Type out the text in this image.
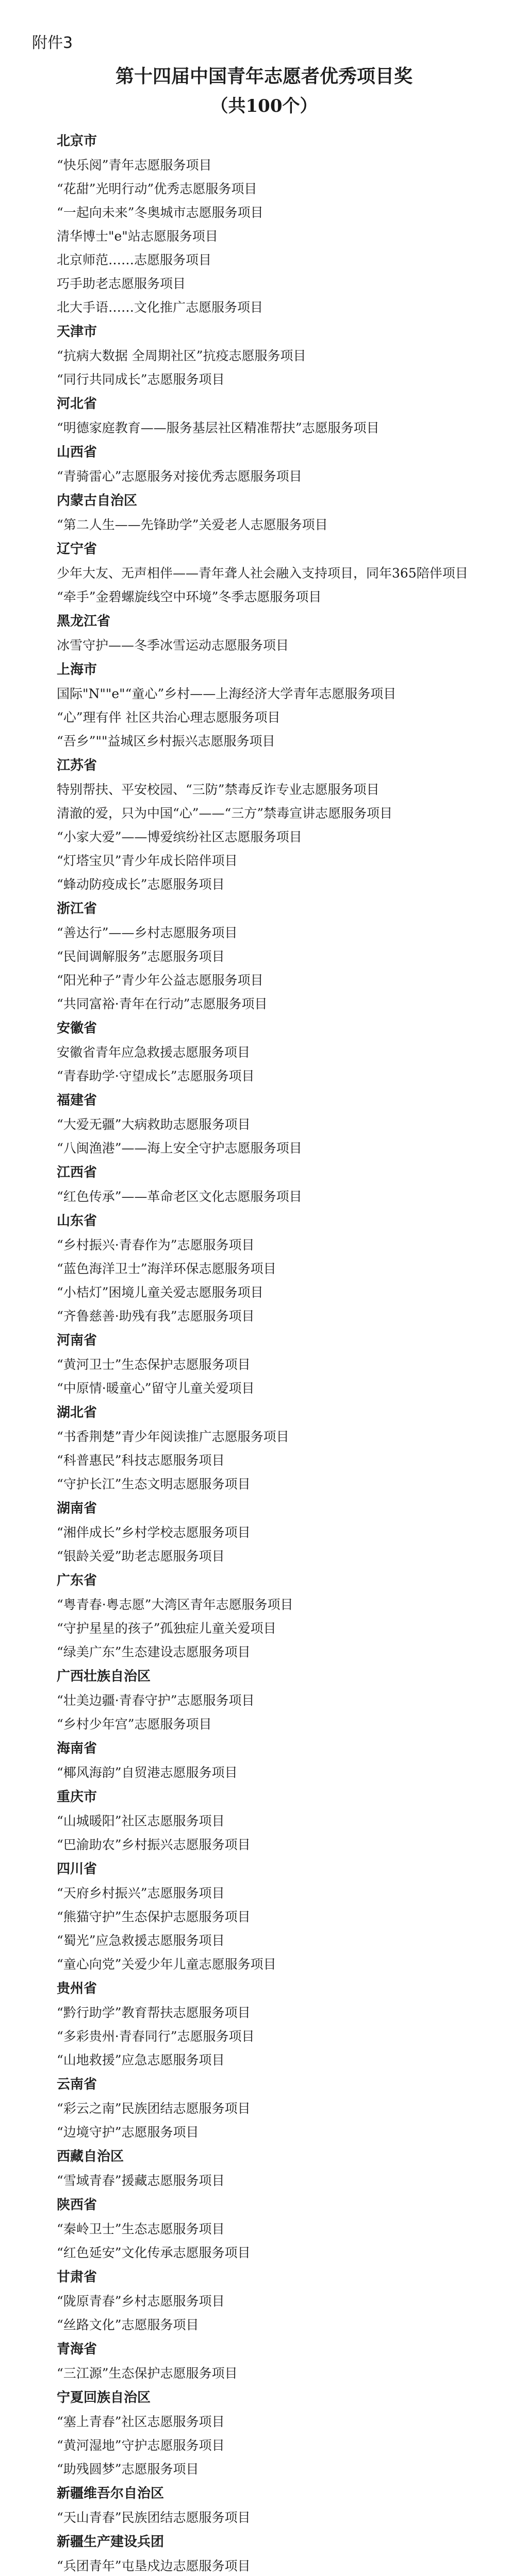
附件3
第十四届中国青年志愿者优秀项目奖
（共100个）
北京市
“快乐阅”青年志愿服务项目
“花甜”光明行动”优秀志愿服务项目
“一起向未来”冬奥城市志愿服务项目
清华博士"e"站志愿服务项目
北京师范……志愿服务项目
巧手助老志愿服务项目
北大手语……文化推广志愿服务项目
天津市
“抗病大数据 全周期社区”抗疫志愿服务项目
“同行共同成长”志愿服务项目
河北省
“明德家庭教育——服务基层社区精准帮扶”志愿服务项目
山西省
“青骑雷心”志愿服务对接优秀志愿服务项目
内蒙古自治区
“第二人生——先锋助学”关爱老人志愿服务项目
辽宁省
少年大友、无声相伴——青年聋人社会融入支持项目，同年365陪伴项目
“牵手”金碧螺旋线空中环境”冬季志愿服务项目
黑龙江省
冰雪守护——冬季冰雪运动志愿服务项目
上海市
国际"N""e"“童心”乡村——上海经济大学青年志愿服务项目
“心”理有伴 社区共治心理志愿服务项目
“吾乡”""益城区乡村振兴志愿服务项目
江苏省
特别帮扶、平安校园、“三防”禁毒反诈专业志愿服务项目
清澈的爱，只为中国“心”——“三方”禁毒宣讲志愿服务项目
“小家大爱”——博爱缤纷社区志愿服务项目
“灯塔宝贝”青少年成长陪伴项目
“蜂动防疫成长”志愿服务项目
浙江省
“善达行”——乡村志愿服务项目
“民间调解服务”志愿服务项目
“阳光种子”青少年公益志愿服务项目
“共同富裕·青年在行动”志愿服务项目
安徽省
安徽省青年应急救援志愿服务项目
“青春助学·守望成长”志愿服务项目
福建省
“大爱无疆”大病救助志愿服务项目
“八闽渔港”——海上安全守护志愿服务项目
江西省
“红色传承”——革命老区文化志愿服务项目
山东省
“乡村振兴·青春作为”志愿服务项目
“蓝色海洋卫士”海洋环保志愿服务项目
“小桔灯”困境儿童关爱志愿服务项目
“齐鲁慈善·助残有我”志愿服务项目
河南省
“黄河卫士”生态保护志愿服务项目
“中原情·暖童心”留守儿童关爱项目
湖北省
“书香荆楚”青少年阅读推广志愿服务项目
“科普惠民”科技志愿服务项目
“守护长江”生态文明志愿服务项目
湖南省
“湘伴成长”乡村学校志愿服务项目
“银龄关爱”助老志愿服务项目
广东省
“粤青春·粤志愿”大湾区青年志愿服务项目
“守护星星的孩子”孤独症儿童关爱项目
“绿美广东”生态建设志愿服务项目
广西壮族自治区
“壮美边疆·青春守护”志愿服务项目
“乡村少年宫”志愿服务项目
海南省
“椰风海韵”自贸港志愿服务项目
重庆市
“山城暖阳”社区志愿服务项目
“巴渝助农”乡村振兴志愿服务项目
四川省
“天府乡村振兴”志愿服务项目
“熊猫守护”生态保护志愿服务项目
“蜀光”应急救援志愿服务项目
“童心向党”关爱少年儿童志愿服务项目
贵州省
“黔行助学”教育帮扶志愿服务项目
“多彩贵州·青春同行”志愿服务项目
“山地救援”应急志愿服务项目
云南省
“彩云之南”民族团结志愿服务项目
“边境守护”志愿服务项目
西藏自治区
“雪域青春”援藏志愿服务项目
陕西省
“秦岭卫士”生态志愿服务项目
“红色延安”文化传承志愿服务项目
甘肃省
“陇原青春”乡村志愿服务项目
“丝路文化”志愿服务项目
青海省
“三江源”生态保护志愿服务项目
宁夏回族自治区
“塞上青春”社区志愿服务项目
“黄河湿地”守护志愿服务项目
“助残圆梦”志愿服务项目
新疆维吾尔自治区
“天山青春”民族团结志愿服务项目
新疆生产建设兵团
“兵团青年”屯垦戍边志愿服务项目
